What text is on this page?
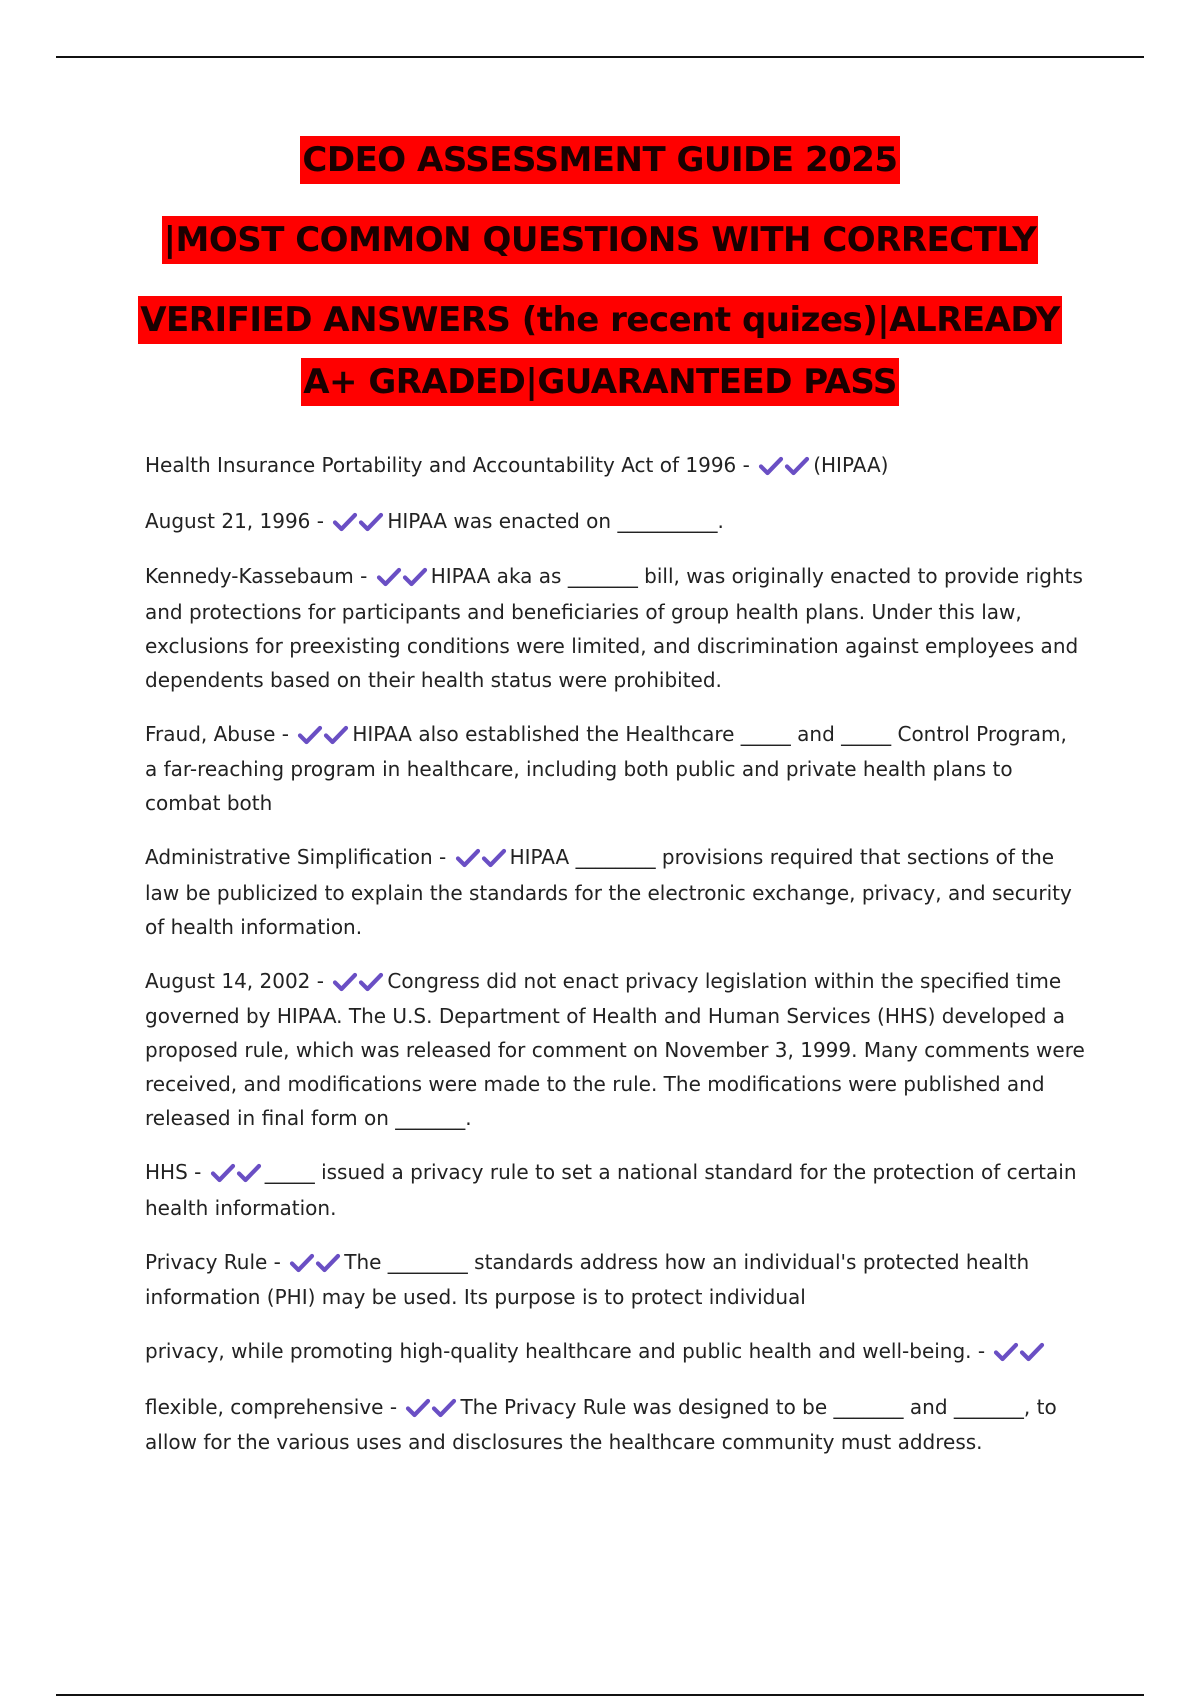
CDEO ASSESSMENT GUIDE 2025
|MOST COMMON QUESTIONS WITH CORRECTLY
VERIFIED ANSWERS (the recent quizes)|ALREADY
A+ GRADED|GUARANTEED PASS

Health Insurance Portability and Accountability Act of 1996 -	(HIPAA)

August 21, 1996 -	HIPAA was enacted on __________.

Kennedy-Kassebaum -	HIPAA aka as _______ bill, was originally enacted to provide rights and protections for participants and beneficiaries of group health plans. Under this law, exclusions for preexisting conditions were limited, and discrimination against employees and dependents based on their health status were prohibited.

Fraud, Abuse -	HIPAA also established the Healthcare _____ and _____ Control Program, a far-reaching program in healthcare, including both public and private health plans to combat both

Administrative Simplification -	HIPAA ________ provisions required that sections of the law be publicized to explain the standards for the electronic exchange, privacy, and security of health information.

August 14, 2002 -	Congress did not enact privacy legislation within the specified time governed by HIPAA. The U.S. Department of Health and Human Services (HHS) developed a proposed rule, which was released for comment on November 3, 1999. Many comments were received, and modifications were made to the rule. The modifications were published and released in final form on _______.

HHS -	_____ issued a privacy rule to set a national standard for the protection of certain health information.

Privacy Rule -	The ________ standards address how an individual's protected health information (PHI) may be used. Its purpose is to protect individual

privacy, while promoting high-quality healthcare and public health and well-being. -

flexible, comprehensive -	The Privacy Rule was designed to be _______ and _______, to allow for the various uses and disclosures the healthcare community must address.
